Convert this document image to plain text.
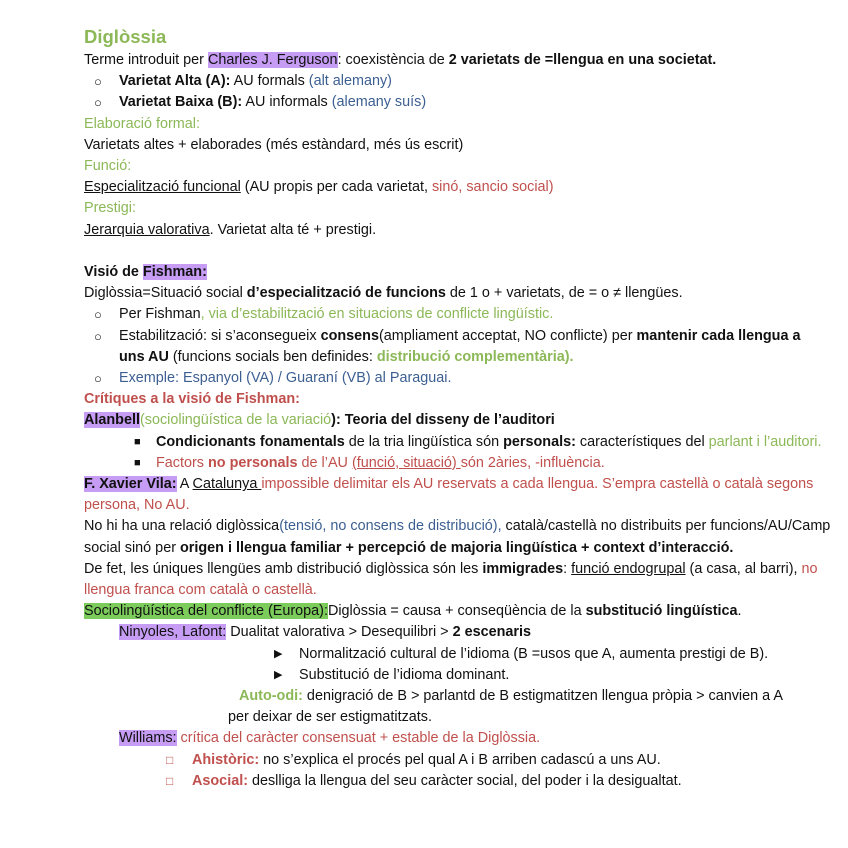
Diglòssia
Terme introduit per Charles J. Ferguson: coexistència de 2 varietats de =llengua en una societat.
○ Varietat Alta (A): AU formals (alt alemany)
○ Varietat Baixa (B): AU informals (alemany suís)
Elaboració formal:
Varietats altes + elaborades (més estàndard, més ús escrit)
Funció:
Especialització funcional (AU propis per cada varietat, sinó, sancio social)
Prestigi:
Jerarquia valorativa. Varietat alta té + prestigi.
Visió de Fishman:
Diglòssia=Situació social d’especialització de funcions de 1 o + varietats, de = o ≠ llengües.
○ Per Fishman, via d’estabilització en situacions de conflicte lingüístic.
○ Estabilització: si s’aconsegueix consens(ampliament acceptat, NO conflicte) per mantenir cada llengua a uns AU (funcions socials ben definides: distribució complementària).
○ Exemple: Espanyol (VA) / Guaraní (VB) al Paraguai.
Crítiques a la visió de Fishman:
Alanbell(sociolingüística de la variació): Teoria del disseny de l’auditori
■ Condicionants fonamentals de la tria lingüística són personals: característiques del parlant i l’auditori.
■ Factors no personals de l’AU (funció, situació) són 2àries, -influència.
F. Xavier Vila: A Catalunya impossible delimitar els AU reservats a cada llengua. S’empra castellà o català segons persona, No AU.
No hi ha una relació diglòssica(tensió, no consens de distribució), català/castellà no distribuits per funcions/AU/Camp social sinó per origen i llengua familiar + percepció de majoria lingüística + context d’interacció.
De fet, les úniques llengües amb distribució diglòssica són les immigrades: funció endogrupal (a casa, al barri), no llengua franca com català o castellà.
Sociolingüística del conflicte (Europa):Diglòssia = causa + conseqüència de la substitució lingüística.
Ninyoles, Lafont: Dualitat valorativa > Desequilibri > 2 escenaris
▶ Normalització cultural de l’idioma (B =usos que A, aumenta prestigi de B).
▶ Substitució de l’idioma dominant.
Auto-odi: denigració de B > parlantd de B estigmatitzen llengua pròpia > canvien a A
per deixar de ser estigmatitzats.
Williams: crítica del caràcter consensuat + estable de la Diglòssia.
□ Ahistòric: no s’explica el procés pel qual A i B arriben cadascú a uns AU.
□ Asocial: deslliga la llengua del seu caràcter social, del poder i la desigualtat.
